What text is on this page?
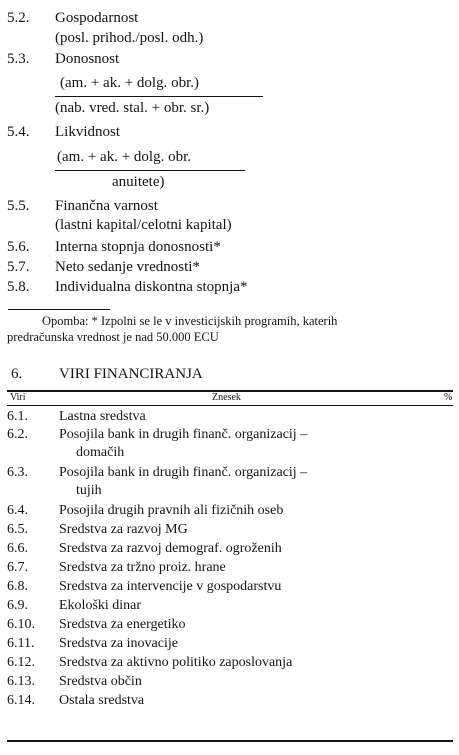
5.2. Gospodarnost
(posl. prihod./posl. odh.)
5.3. Donosnost
(am. + ak. + dolg. obr.)
(nab. vred. stal. + obr. sr.)
5.4. Likvidnost
(am. + ak. + dolg. obr.
anuitete)
5.5. Finančna varnost
(lastni kapital/celotni kapital)
5.6. Interna stopnja donosnosti*
5.7. Neto sedanje vrednosti*
5.8. Individualna diskontna stopnja*
Opomba: * Izpolni se le v investicijskih programih, katerih
predračunska vrednost je nad 50.000 ECU
6. VIRI FINANCIRANJA
Viri	Znesek	%
6.1. Lastna sredstva
6.2. Posojila bank in drugih finanč. organizacij –
domačih
6.3. Posojila bank in drugih finanč. organizacij –
tujih
6.4. Posojila drugih pravnih ali fizičnih oseb
6.5. Sredstva za razvoj MG
6.6. Sredstva za razvoj demograf. ogroženih
6.7. Sredstva za tržno proiz. hrane
6.8. Sredstva za intervencije v gospodarstvu
6.9. Ekološki dinar
6.10. Sredstva za energetiko
6.11. Sredstva za inovacije
6.12. Sredstva za aktivno politiko zaposlovanja
6.13. Sredstva občin
6.14. Ostala sredstva
